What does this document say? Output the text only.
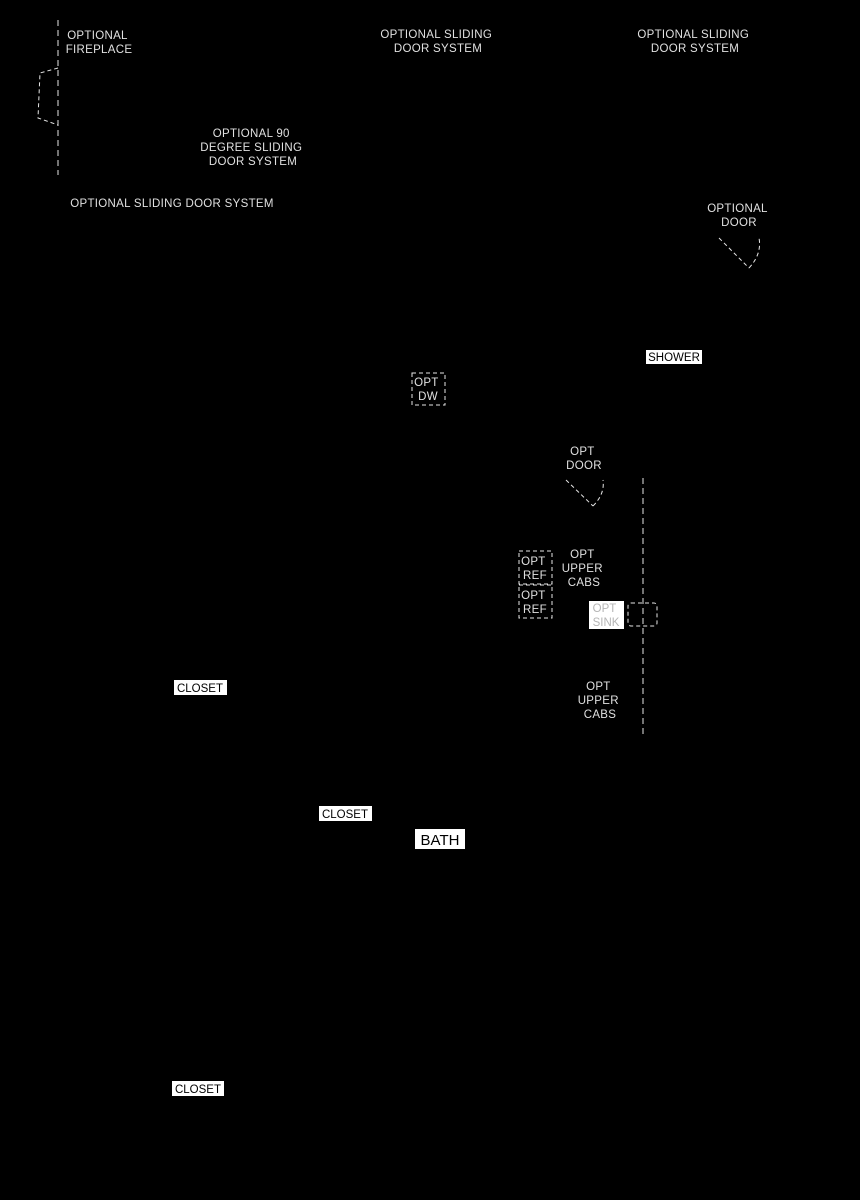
OPTIONAL FIREPLACE
OPTIONAL SLIDING DOOR SYSTEM
OPTIONAL SLIDING DOOR SYSTEM
OPTIONAL 90 DEGREE SLIDING DOOR SYSTEM
OPTIONAL SLIDING DOOR SYSTEM	OPTIONAL DOOR
SHOWER
OPT DW
OPT DOOR
OPT UPPER CABS
OPT REF
OPT REF	OPT SINK
OPT UPPER CABS
CLOSET
CLOSET
BATH
CLOSET
